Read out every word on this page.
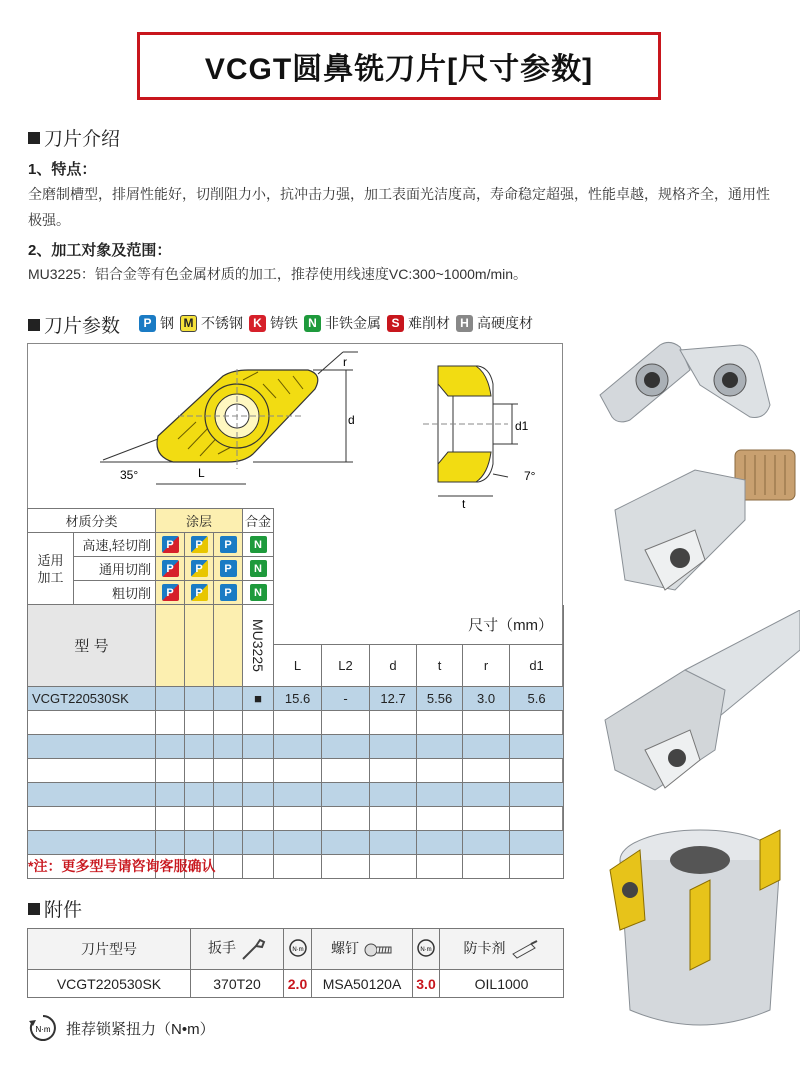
VCGT圆鼻铣刀片[尺寸参数]
刀片介绍
1、特点：
全磨制槽型，排屑性能好，切削阻力小，抗冲击力强，加工表面光洁度高，寿命稳定超强，性能卓越，规格齐全，通用性极强。
2、加工对象及范围：
MU3225：铝合金等有色金属材质的加工，推荐使用线速度VC:300~1000m/min。
刀片参数	P 钢 M 不锈钢 K 铸铁 N 非铁金属 S 难削材 H 高硬度材
r
d
35°	L
d1
7°
t
材质分类		涂层			合金						
适用
加工	高速,轻切削	P	P	P	N						
	通用切削	P	P	P	N						
	粗切削	P	P	P	N						
型 号					MU3225	尺寸（mm）					
						L	L2	d	t	r	d1
VCGT220530SK					■	15.6	-	12.7	5.56	3.0	5.6

*注：更多型号请咨询客服确认
附件
刀片型号	扳手	N·m	螺钉	N·m	防卡剂
VCGT220530SK	370T20	2.0	MSA50120A	3.0	OIL1000
N·m 推荐锁紧扭力（N•m）
